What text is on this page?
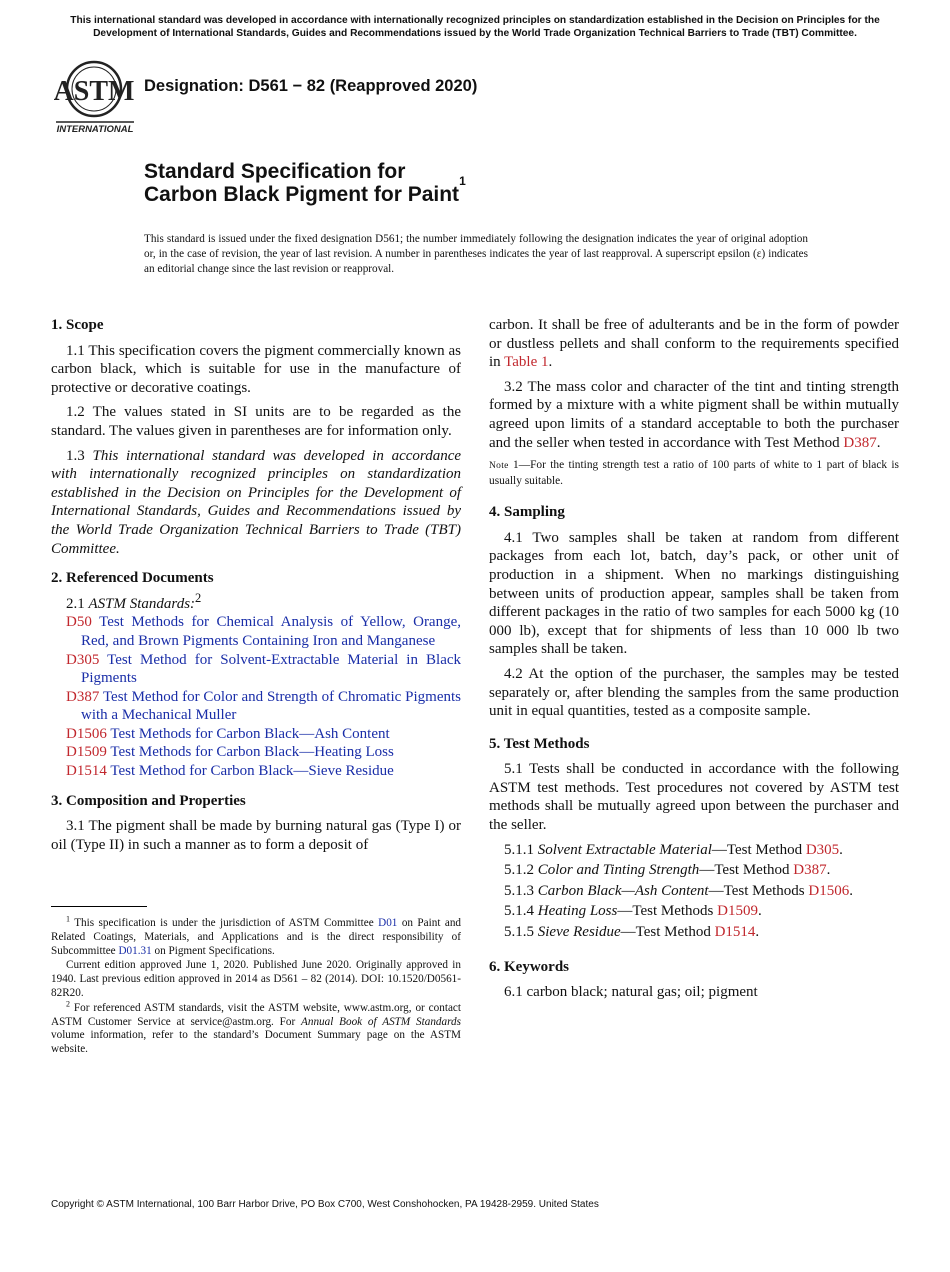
This international standard was developed in accordance with internationally recognized principles on standardization established in the Decision on Principles for the Development of International Standards, Guides and Recommendations issued by the World Trade Organization Technical Barriers to Trade (TBT) Committee.
ASTM
INTERNATIONAL
Designation: D561 − 82 (Reapproved 2020)
Standard Specification for
Carbon Black Pigment for Paint$^1$
This standard is issued under the fixed designation D561; the number immediately following the designation indicates the year of original adoption or, in the case of revision, the year of last revision. A number in parentheses indicates the year of last reapproval. A superscript epsilon (ε) indicates an editorial change since the last revision or reapproval.
1. Scope

1.1 This specification covers the pigment commercially known as carbon black, which is suitable for use in the manufacture of protective or decorative coatings.

1.2 The values stated in SI units are to be regarded as the standard. The values given in parentheses are for information only.

1.3 This international standard was developed in accordance with internationally recognized principles on standardization established in the Decision on Principles for the Development of International Standards, Guides and Recommendations issued by the World Trade Organization Technical Barriers to Trade (TBT) Committee.

2. Referenced Documents

2.1 ASTM Standards:$^2$

D50 Test Methods for Chemical Analysis of Yellow, Orange, Red, and Brown Pigments Containing Iron and Manganese
D305 Test Method for Solvent-Extractable Material in Black Pigments
D387 Test Method for Color and Strength of Chromatic Pigments with a Mechanical Muller
D1506 Test Methods for Carbon Black—Ash Content
D1509 Test Methods for Carbon Black—Heating Loss
D1514 Test Method for Carbon Black—Sieve Residue
3. Composition and Properties

3.1 The pigment shall be made by burning natural gas (Type I) or oil (Type II) in such a manner as to form a deposit of

$^1$ This specification is under the jurisdiction of ASTM Committee D01 on Paint and Related Coatings, Materials, and Applications and is the direct responsibility of Subcommittee D01.31 on Pigment Specifications.

Current edition approved June 1, 2020. Published June 2020. Originally approved in 1940. Last previous edition approved in 2014 as D561 – 82 (2014). DOI: 10.1520/D0561-82R20.

$^2$ For referenced ASTM standards, visit the ASTM website, www.astm.org, or contact ASTM Customer Service at service@astm.org. For Annual Book of ASTM Standards volume information, refer to the standard’s Document Summary page on the ASTM website.

carbon. It shall be free of adulterants and be in the form of powder or dustless pellets and shall conform to the requirements specified in Table 1.

3.2 The mass color and character of the tint and tinting strength formed by a mixture with a white pigment shall be within mutually agreed upon limits of a standard acceptable to both the purchaser and the seller when tested in accordance with Test Method D387.

Note 1—For the tinting strength test a ratio of 100 parts of white to 1 part of black is usually suitable.
4. Sampling

4.1 Two samples shall be taken at random from different packages from each lot, batch, day’s pack, or other unit of production in a shipment. When no markings distinguishing between units of production appear, samples shall be taken from different packages in the ratio of two samples for each 5000 kg (10 000 lb), except that for shipments of less than 10 000 lb two samples shall be taken.

4.2 At the option of the purchaser, the samples may be tested separately or, after blending the samples from the same production unit in equal quantities, tested as a composite sample.

5. Test Methods

5.1 Tests shall be conducted in accordance with the following ASTM test methods. Test procedures not covered by ASTM test methods shall be mutually agreed upon between the purchaser and the seller.

5.1.1 Solvent Extractable Material—Test Method D305.
5.1.2 Color and Tinting Strength—Test Method D387.
5.1.3 Carbon Black—Ash Content—Test Methods D1506.
5.1.4 Heating Loss—Test Methods D1509.
5.1.5 Sieve Residue—Test Method D1514.
6. Keywords

6.1 carbon black; natural gas; oil; pigment

Copyright © ASTM International, 100 Barr Harbor Drive, PO Box C700, West Conshohocken, PA 19428-2959. United States
